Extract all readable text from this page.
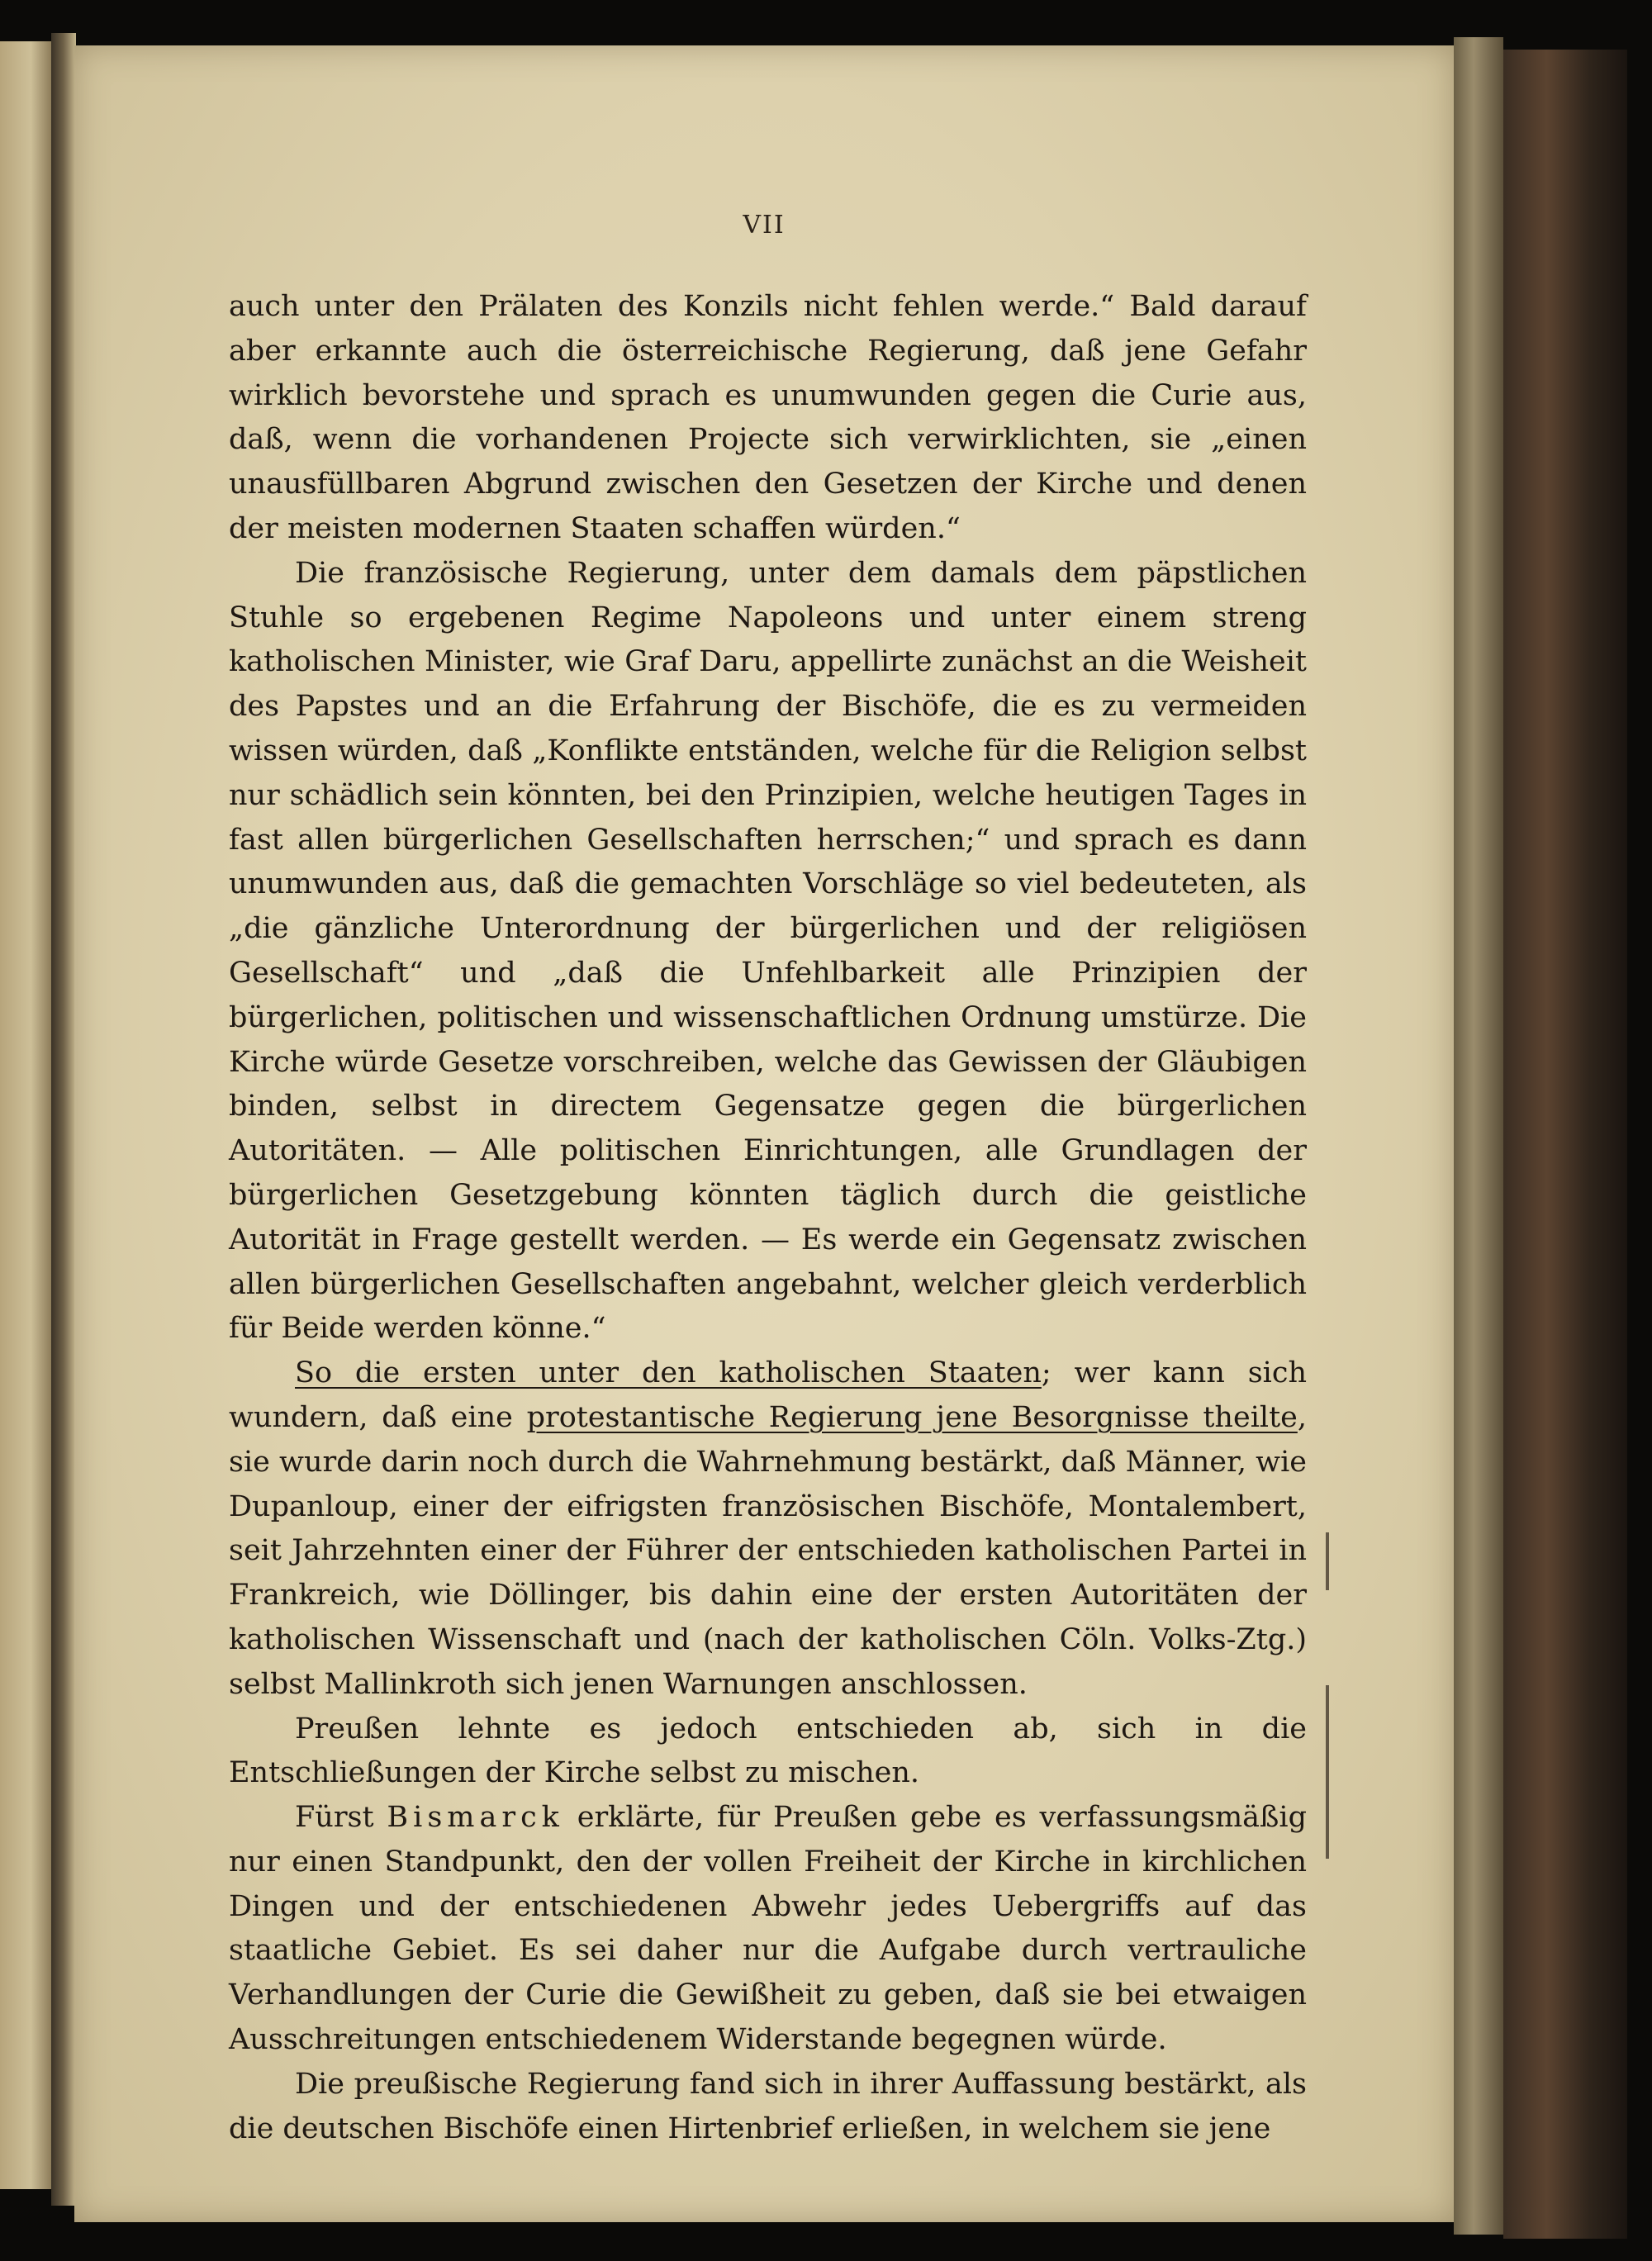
VII

auch unter den Prälaten des Konzils nicht fehlen werde.“ Bald darauf aber erkannte auch die österreichische Regierung, daß jene Gefahr wirklich bevorstehe und sprach es unumwunden gegen die Curie aus, daß, wenn die vorhandenen Projecte sich verwirklichten, sie „einen unausfüllbaren Abgrund zwischen den Gesetzen der Kirche und denen der meisten modernen Staaten schaffen würden.“

Die französische Regierung, unter dem damals dem päpstlichen Stuhle so ergebenen Regime Napoleons und unter einem streng katholischen Minister, wie Graf Daru, appellirte zunächst an die Weisheit des Papstes und an die Erfahrung der Bischöfe, die es zu vermeiden wissen würden, daß „Konflikte entständen, welche für die Religion selbst nur schädlich sein könnten, bei den Prinzipien, welche heutigen Tages in fast allen bürgerlichen Gesellschaften herrschen;“ und sprach es dann unumwunden aus, daß die gemachten Vorschläge so viel bedeuteten, als „die gänzliche Unterordnung der bürgerlichen und der religiösen Gesellschaft“ und „daß die Unfehlbarkeit alle Prinzipien der bürgerlichen, politischen und wissenschaftlichen Ordnung umstürze. Die Kirche würde Gesetze vorschreiben, welche das Gewissen der Gläubigen binden, selbst in directem Gegensatze gegen die bürgerlichen Autoritäten. — Alle politischen Einrichtungen, alle Grundlagen der bürgerlichen Gesetzgebung könnten täglich durch die geistliche Autorität in Frage gestellt werden. — Es werde ein Gegensatz zwischen allen bürgerlichen Gesellschaften angebahnt, welcher gleich verderblich für Beide werden könne.“

So die ersten unter den katholischen Staaten; wer kann sich wundern, daß eine protestantische Regierung jene Besorgnisse theilte, sie wurde darin noch durch die Wahrnehmung bestärkt, daß Männer, wie Dupanloup, einer der eifrigsten französischen Bischöfe, Montalembert, seit Jahrzehnten einer der Führer der entschieden katholischen Partei in Frankreich, wie Döllinger, bis dahin eine der ersten Autoritäten der katholischen Wissenschaft und (nach der katholischen Cöln. Volks-Ztg.) selbst Mallinkroth sich jenen Warnungen anschlossen.

Preußen lehnte es jedoch entschieden ab, sich in die Entschließungen der Kirche selbst zu mischen.

Fürst Bismarck erklärte, für Preußen gebe es verfassungsmäßig nur einen Standpunkt, den der vollen Freiheit der Kirche in kirchlichen Dingen und der entschiedenen Abwehr jedes Uebergriffs auf das staatliche Gebiet. Es sei daher nur die Aufgabe durch vertrauliche Verhandlungen der Curie die Gewißheit zu geben, daß sie bei etwaigen Ausschreitungen entschiedenem Widerstande begegnen würde.

Die preußische Regierung fand sich in ihrer Auffassung bestärkt, als die deutschen Bischöfe einen Hirtenbrief erließen, in welchem sie jene
